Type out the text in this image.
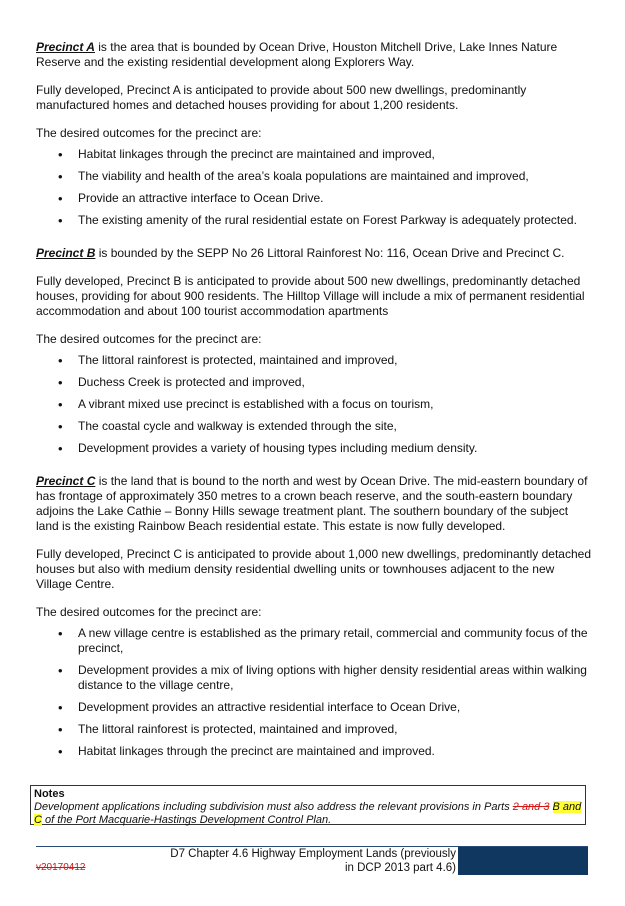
Precinct A is the area that is bounded by Ocean Drive, Houston Mitchell Drive, Lake Innes Nature Reserve and the existing residential development along Explorers Way.

Fully developed, Precinct A is anticipated to provide about 500 new dwellings, predominantly manufactured homes and detached houses providing for about 1,200 residents.

The desired outcomes for the precinct are:

• Habitat linkages through the precinct are maintained and improved,
• The viability and health of the area’s koala populations are maintained and improved,
• Provide an attractive interface to Ocean Drive.
• The existing amenity of the rural residential estate on Forest Parkway is adequately protected.

Precinct B is bounded by the SEPP No 26 Littoral Rainforest No: 116, Ocean Drive and Precinct C.

Fully developed, Precinct B is anticipated to provide about 500 new dwellings, predominantly detached houses, providing for about 900 residents. The Hilltop Village will include a mix of permanent residential accommodation and about 100 tourist accommodation apartments

The desired outcomes for the precinct are:

• The littoral rainforest is protected, maintained and improved,
• Duchess Creek is protected and improved,
• A vibrant mixed use precinct is established with a focus on tourism,
• The coastal cycle and walkway is extended through the site,
• Development provides a variety of housing types including medium density.

Precinct C is the land that is bound to the north and west by Ocean Drive. The mid-eastern boundary of has frontage of approximately 350 metres to a crown beach reserve, and the south-eastern boundary adjoins the Lake Cathie – Bonny Hills sewage treatment plant. The southern boundary of the subject land is the existing Rainbow Beach residential estate. This estate is now fully developed.

Fully developed, Precinct C is anticipated to provide about 1,000 new dwellings, predominantly detached houses but also with medium density residential dwelling units or townhouses adjacent to the new Village Centre.

The desired outcomes for the precinct are:

• A new village centre is established as the primary retail, commercial and community focus of the precinct,
• Development provides a mix of living options with higher density residential areas within walking distance to the village centre,
• Development provides an attractive residential interface to Ocean Drive,
• The littoral rainforest is protected, maintained and improved,
• Habitat linkages through the precinct are maintained and improved.
Notes
Development applications including subdivision must also address the relevant provisions in Parts 2 and 3 B and C of the Port Macquarie-Hastings Development Control Plan.
D7 Chapter 4.6 Highway Employment Lands (previously
in DCP 2013 part 4.6)
v20170412
